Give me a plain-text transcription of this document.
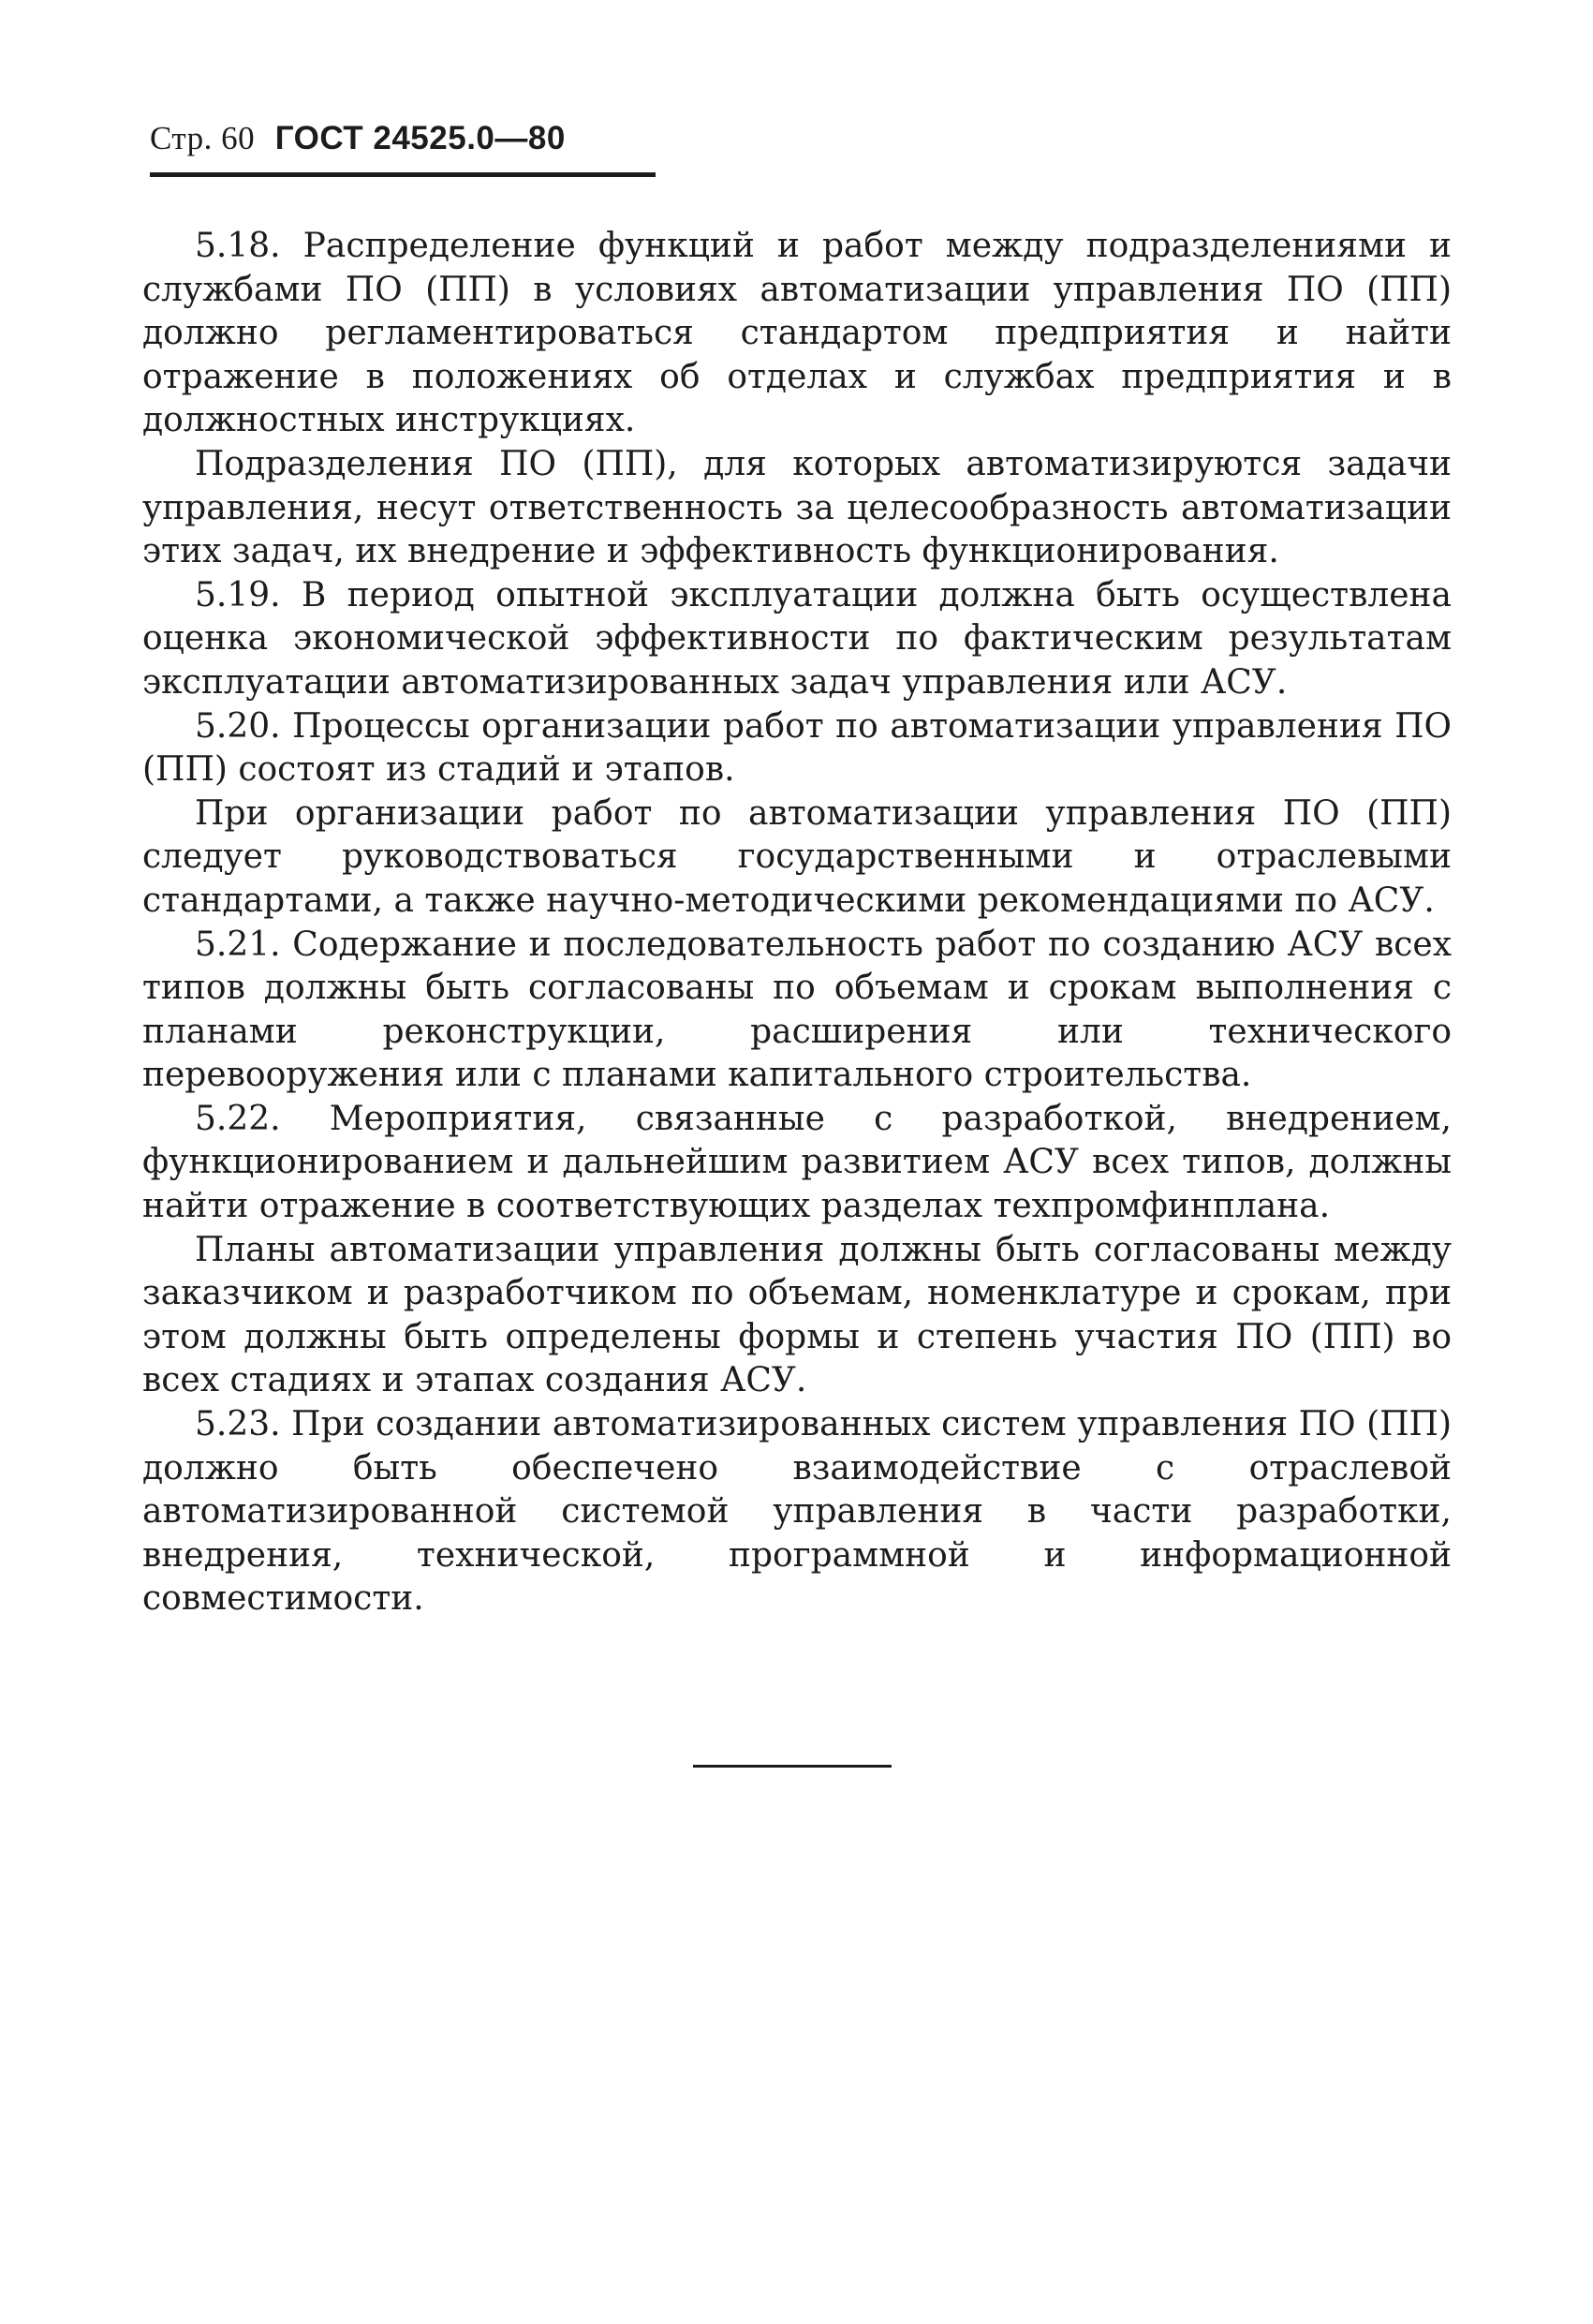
Стр. 60 ГОСТ 24525.0—80

5.18. Распределение функций и работ между подразделениями и службами ПО (ПП) в условиях автоматизации управления ПО (ПП) должно регламентироваться стандартом предприятия и найти отражение в положениях об отделах и службах предприятия и в должностных инструкциях.

Подразделения ПО (ПП), для которых автоматизируются задачи управления, несут ответственность за целесообразность автоматизации этих задач, их внедрение и эффективность функционирования.

5.19. В период опытной эксплуатации должна быть осуществлена оценка экономической эффективности по фактическим результатам эксплуатации автоматизированных задач управления или АСУ.

5.20. Процессы организации работ по автоматизации управления ПО (ПП) состоят из стадий и этапов.

При организации работ по автоматизации управления ПО (ПП) следует руководствоваться государственными и отраслевыми стандартами, а также научно-методическими рекомендациями по АСУ.

5.21. Содержание и последовательность работ по созданию АСУ всех типов должны быть согласованы по объемам и срокам выполнения с планами реконструкции, расширения или технического перевооружения или с планами капитального строительства.

5.22. Мероприятия, связанные с разработкой, внедрением, функционированием и дальнейшим развитием АСУ всех типов, должны найти отражение в соответствующих разделах техпромфинплана.

Планы автоматизации управления должны быть согласованы между заказчиком и разработчиком по объемам, номенклатуре и срокам, при этом должны быть определены формы и степень участия ПО (ПП) во всех стадиях и этапах создания АСУ.

5.23. При создании автоматизированных систем управления ПО (ПП) должно быть обеспечено взаимодействие с отраслевой автоматизированной системой управления в части разработки, внедрения, технической, программной и информационной совместимости.
